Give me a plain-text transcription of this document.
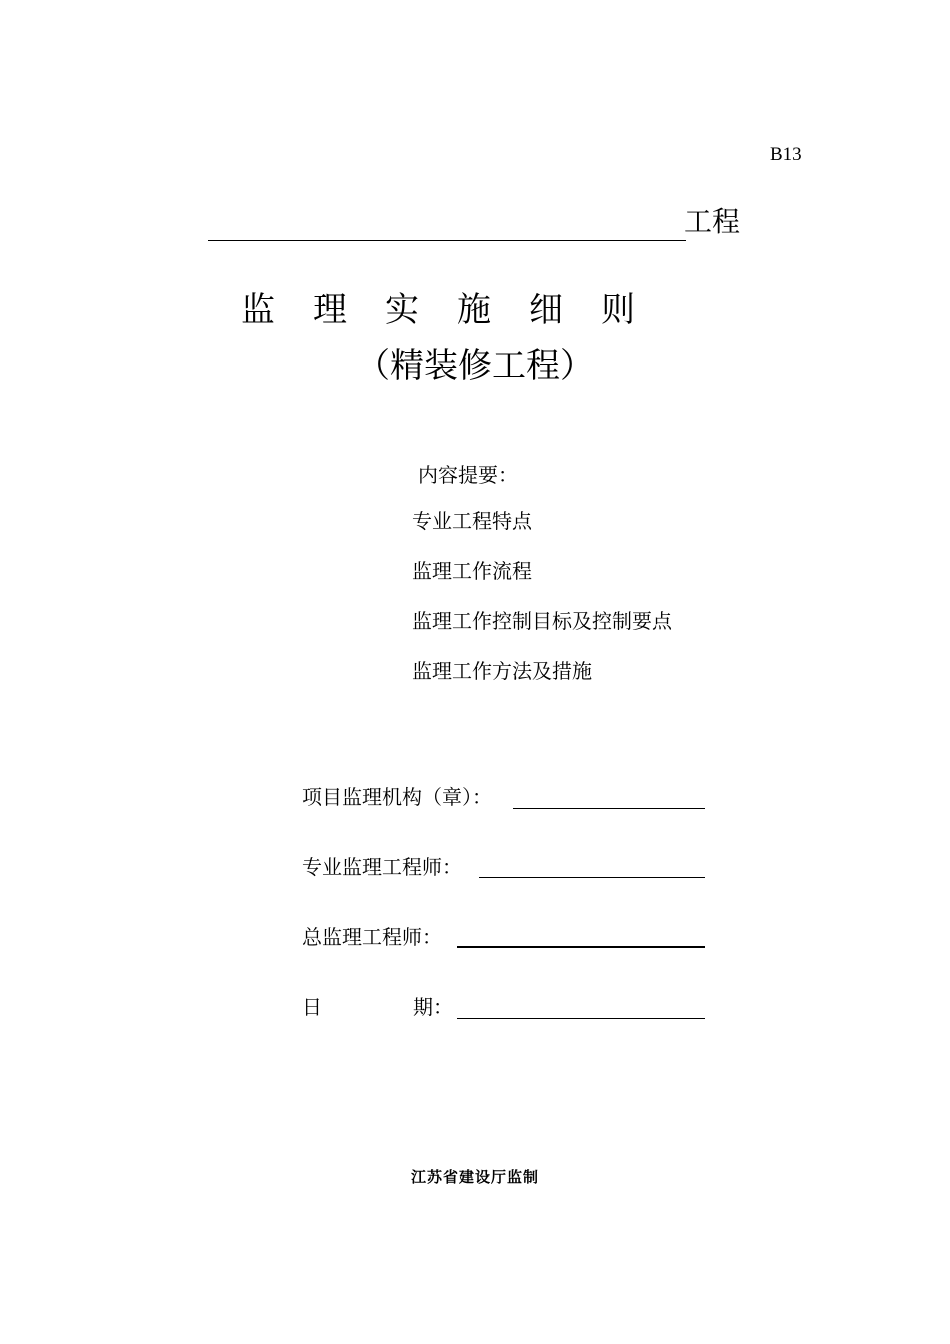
B13
工程
监理实施细则
（精装修工程）
内容提要：
专业工程特点
监理工作流程
监理工作控制目标及控制要点
监理工作方法及措施
项目监理机构（章）：
专业监理工程师：
总监理工程师：
日	期：
江苏省建设厅监制
